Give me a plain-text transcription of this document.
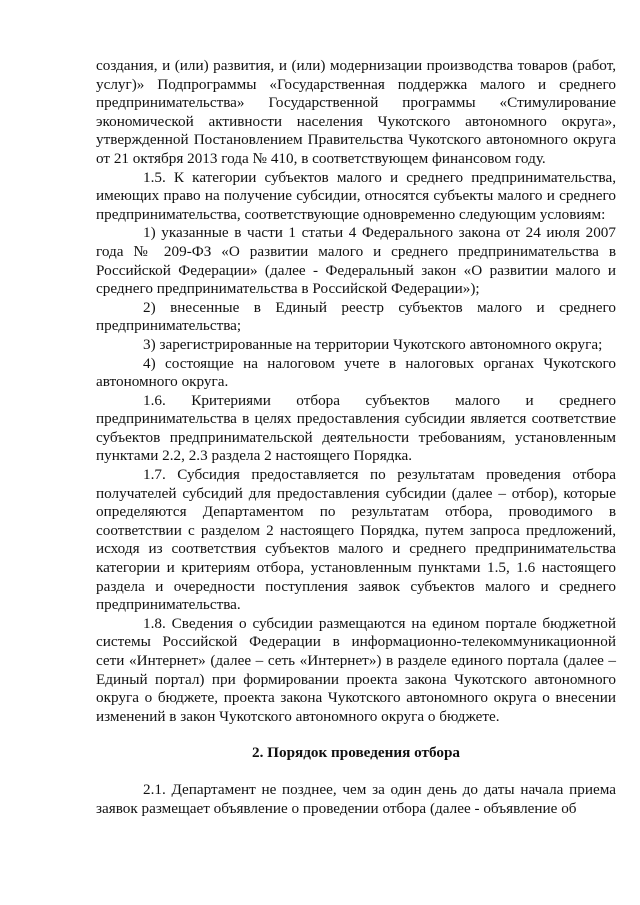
создания, и (или) развития, и (или) модернизации производства товаров (работ, услуг)» Подпрограммы «Государственная поддержка малого и среднего предпринимательства» Государственной программы «Стимулирование экономической активности населения Чукотского автономного округа», утвержденной Постановлением Правительства Чукотского автономного округа от 21 октября 2013 года № 410, в соответствующем финансовом году.

1.5. К категории субъектов малого и среднего предпринимательства, имеющих право на получение субсидии, относятся субъекты малого и среднего предпринимательства, соответствующие одновременно следующим условиям:

1) указанные в части 1 статьи 4 Федерального закона от 24 июля 2007 года № 209-ФЗ «О развитии малого и среднего предпринимательства в Российской Федерации» (далее - Федеральный закон «О развитии малого и среднего предпринимательства в Российской Федерации»);

2) внесенные в Единый реестр субъектов малого и среднего предпринимательства;

3) зарегистрированные на территории Чукотского автономного округа;

4) состоящие на налоговом учете в налоговых органах Чукотского автономного округа.

1.6. Критериями отбора субъектов малого и среднего предпринимательства в целях предоставления субсидии является соответствие субъектов предпринимательской деятельности требованиям, установленным пунктами 2.2, 2.3 раздела 2 настоящего Порядка.

1.7. Субсидия предоставляется по результатам проведения отбора получателей субсидий для предоставления субсидии (далее – отбор), которые определяются Департаментом по результатам отбора, проводимого в соответствии с разделом 2 настоящего Порядка, путем запроса предложений, исходя из соответствия субъектов малого и среднего предпринимательства категории и критериям отбора, установленным пунктами 1.5, 1.6 настоящего раздела и очередности поступления заявок субъектов малого и среднего предпринимательства.

1.8. Сведения о субсидии размещаются на едином портале бюджетной системы Российской Федерации в информационно-телекоммуникационной сети «Интернет» (далее – сеть «Интернет») в разделе единого портала (далее – Единый портал) при формировании проекта закона Чукотского автономного округа о бюджете, проекта закона Чукотского автономного округа о внесении изменений в закон Чукотского автономного округа о бюджете.

2. Порядок проведения отбора

2.1. Департамент не позднее, чем за один день до даты начала приема заявок размещает объявление о проведении отбора (далее - объявление об
